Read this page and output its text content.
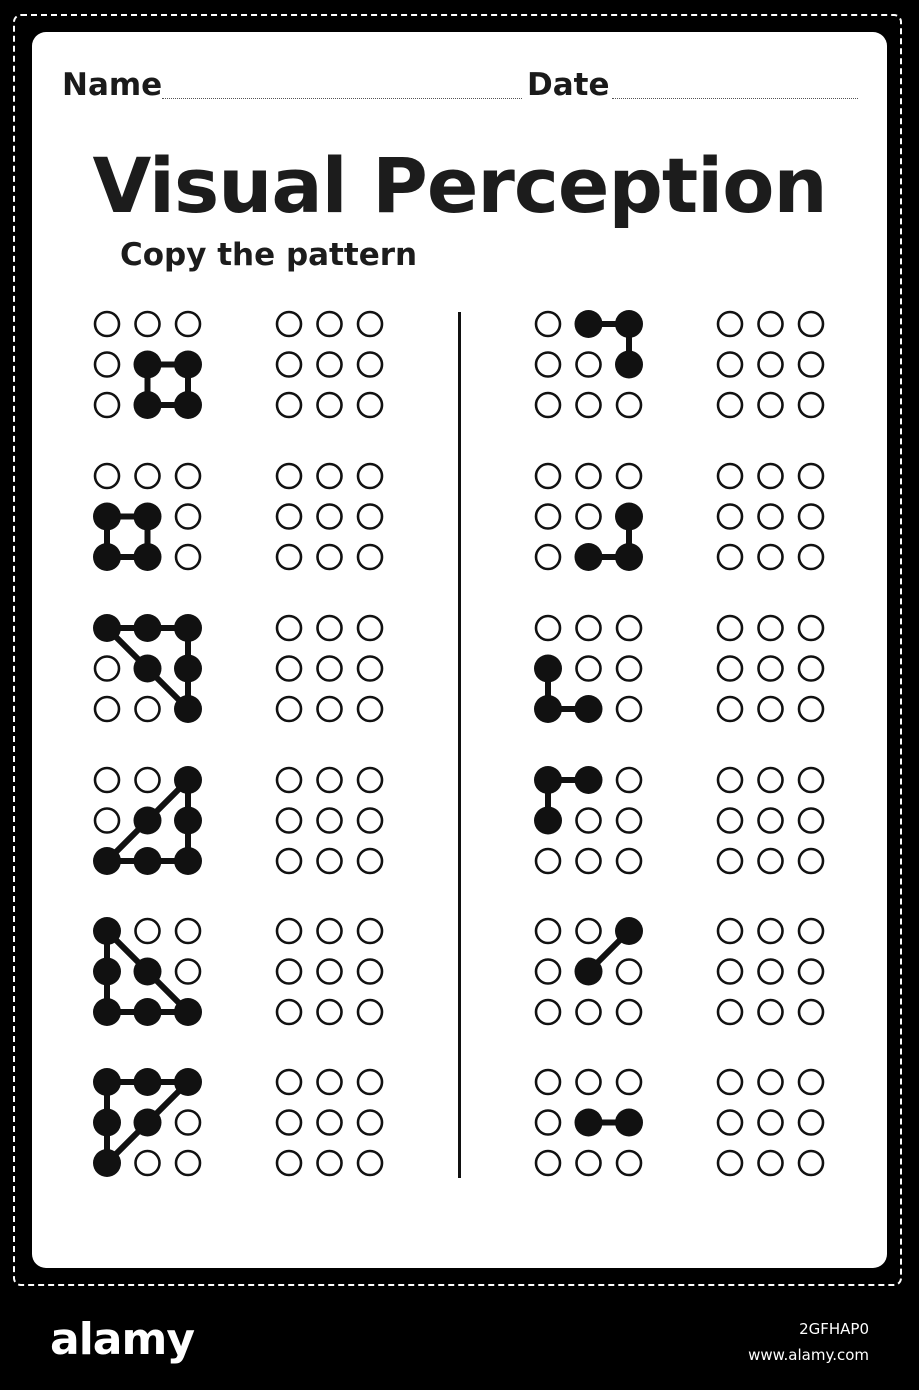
Name	Date
Visual Perception
Copy the pattern
alamy	2GFHAP0
www.alamy.com
